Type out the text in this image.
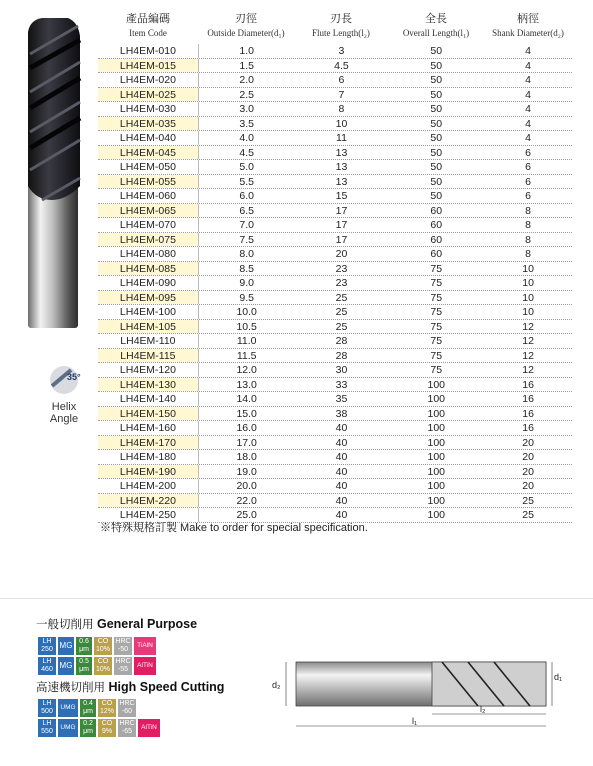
35°
Helix
Angle
產品編碼
Item Code
刃徑
Outside Diameter(d₁)
刃長
Flute Length(l₂)
全長
Overall Length(l₁)
柄徑
Shank Diameter(d₂)
LH4EM-010	1.0	3	50	4
LH4EM-015	1.5	4.5	50	4
LH4EM-020	2.0	6	50	4
LH4EM-025	2.5	7	50	4
LH4EM-030	3.0	8	50	4
LH4EM-035	3.5	10	50	4
LH4EM-040	4.0	11	50	4
LH4EM-045	4.5	13	50	6
LH4EM-050	5.0	13	50	6
LH4EM-055	5.5	13	50	6
LH4EM-060	6.0	15	50	6
LH4EM-065	6.5	17	60	8
LH4EM-070	7.0	17	60	8
LH4EM-075	7.5	17	60	8
LH4EM-080	8.0	20	60	8
LH4EM-085	8.5	23	75	10
LH4EM-090	9.0	23	75	10
LH4EM-095	9.5	25	75	10
LH4EM-100	10.0	25	75	10
LH4EM-105	10.5	25	75	12
LH4EM-110	11.0	28	75	12
LH4EM-115	11.5	28	75	12
LH4EM-120	12.0	30	75	12
LH4EM-130	13.0	33	100	16
LH4EM-140	14.0	35	100	16
LH4EM-150	15.0	38	100	16
LH4EM-160	16.0	40	100	16
LH4EM-170	17.0	40	100	20
LH4EM-180	18.0	40	100	20
LH4EM-190	19.0	40	100	20
LH4EM-200	20.0	40	100	20
LH4EM-220	22.0	40	100	25
LH4EM-250	25.0	40	100	25
※特殊規格訂製 Make to order for special specification.
一般切削用 General Purpose
LH
250 MG 0.6
μm
CO
10%
HRC
-50
TiAlN
LH
460 MG 0.5
μm
CO
10%
HRC
-55
AlTiN
高速機切削用 High Speed Cutting
LH
500
UMG
0.4
μm
CO
12%
HRC
-60
LH
550
UMG
0.2
μm
CO
9%
HRC
-65
AlTiN
d₂
d₁
l₂
l₁
